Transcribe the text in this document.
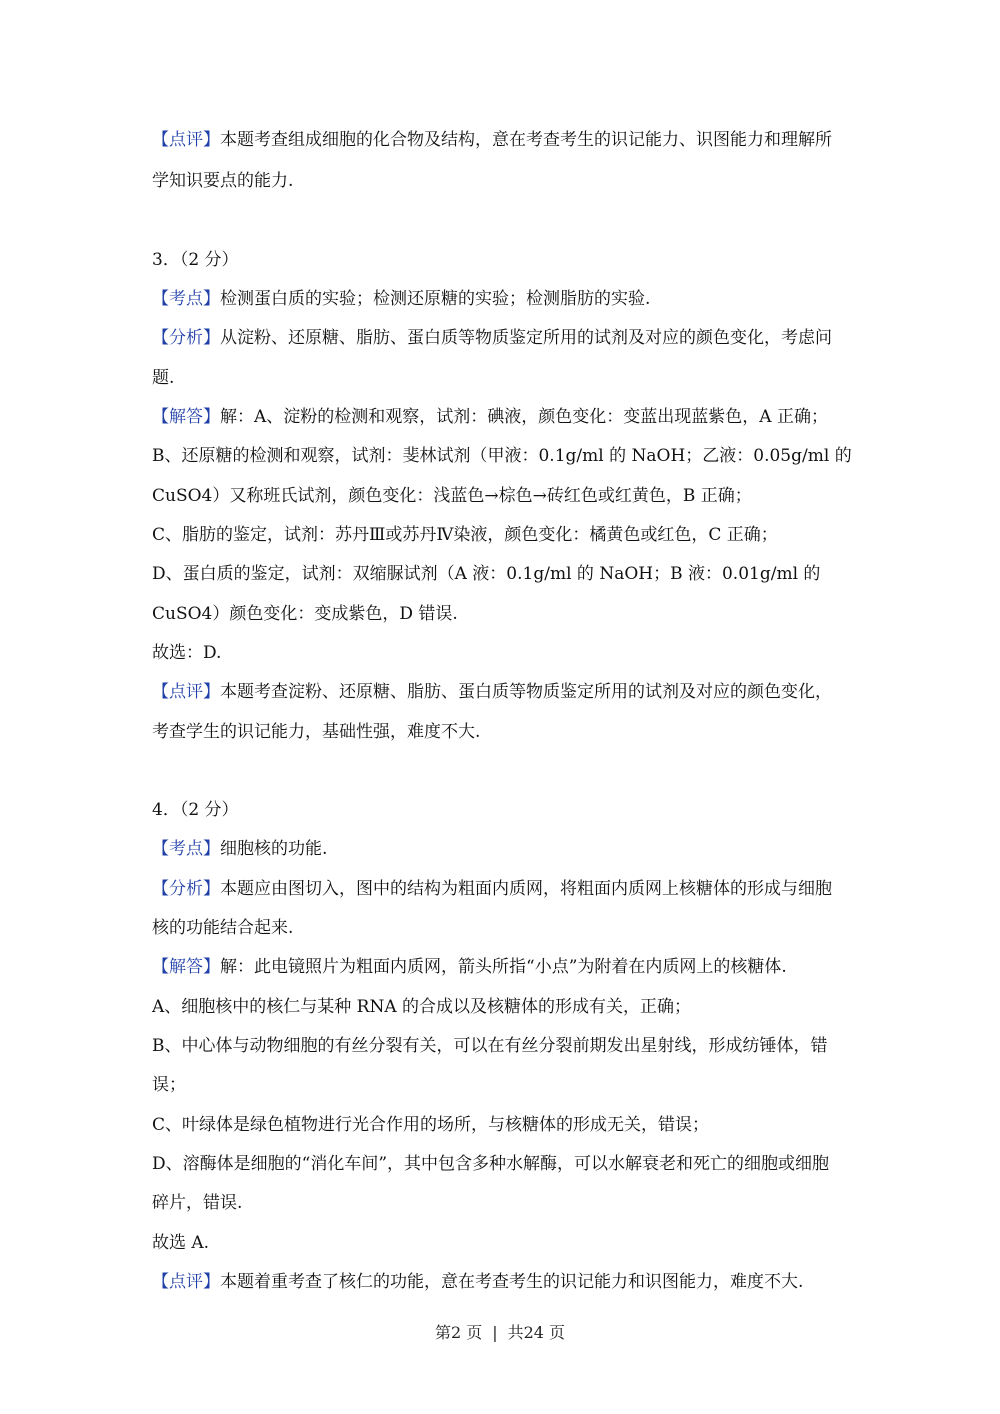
【点评】本题考查组成细胞的化合物及结构，意在考查考生的识记能力、识图能力和理解所
学知识要点的能力.
3．（2 分）
【考点】检测蛋白质的实验；检测还原糖的实验；检测脂肪的实验.
【分析】从淀粉、还原糖、脂肪、蛋白质等物质鉴定所用的试剂及对应的颜色变化，考虑问
题.
【解答】解：A、淀粉的检测和观察，试剂：碘液，颜色变化：变蓝出现蓝紫色，A 正确；
B、还原糖的检测和观察，试剂：斐林试剂（甲液：0.1g/ml 的 NaOH；乙液：0.05g/ml 的
CuSO4）又称班氏试剂，颜色变化：浅蓝色→棕色→砖红色或红黄色，B 正确；
C、脂肪的鉴定，试剂：苏丹Ⅲ或苏丹Ⅳ染液，颜色变化：橘黄色或红色，C 正确；
D、蛋白质的鉴定，试剂：双缩脲试剂（A 液：0.1g/ml 的 NaOH；B 液：0.01g/ml 的
CuSO4）颜色变化：变成紫色，D 错误.
故选：D.
【点评】本题考查淀粉、还原糖、脂肪、蛋白质等物质鉴定所用的试剂及对应的颜色变化，
考查学生的识记能力，基础性强，难度不大.
4．（2 分）
【考点】细胞核的功能.
【分析】本题应由图切入，图中的结构为粗面内质网，将粗面内质网上核糖体的形成与细胞
核的功能结合起来.
【解答】解：此电镜照片为粗面内质网，箭头所指“小点”为附着在内质网上的核糖体.
A、细胞核中的核仁与某种 RNA 的合成以及核糖体的形成有关，正确；
B、中心体与动物细胞的有丝分裂有关，可以在有丝分裂前期发出星射线，形成纺锤体，错
误；
C、叶绿体是绿色植物进行光合作用的场所，与核糖体的形成无关，错误；
D、溶酶体是细胞的“消化车间”，其中包含多种水解酶，可以水解衰老和死亡的细胞或细胞
碎片，错误.
故选 A.
【点评】本题着重考查了核仁的功能，意在考查考生的识记能力和识图能力，难度不大.
第2 页 | 共24 页
